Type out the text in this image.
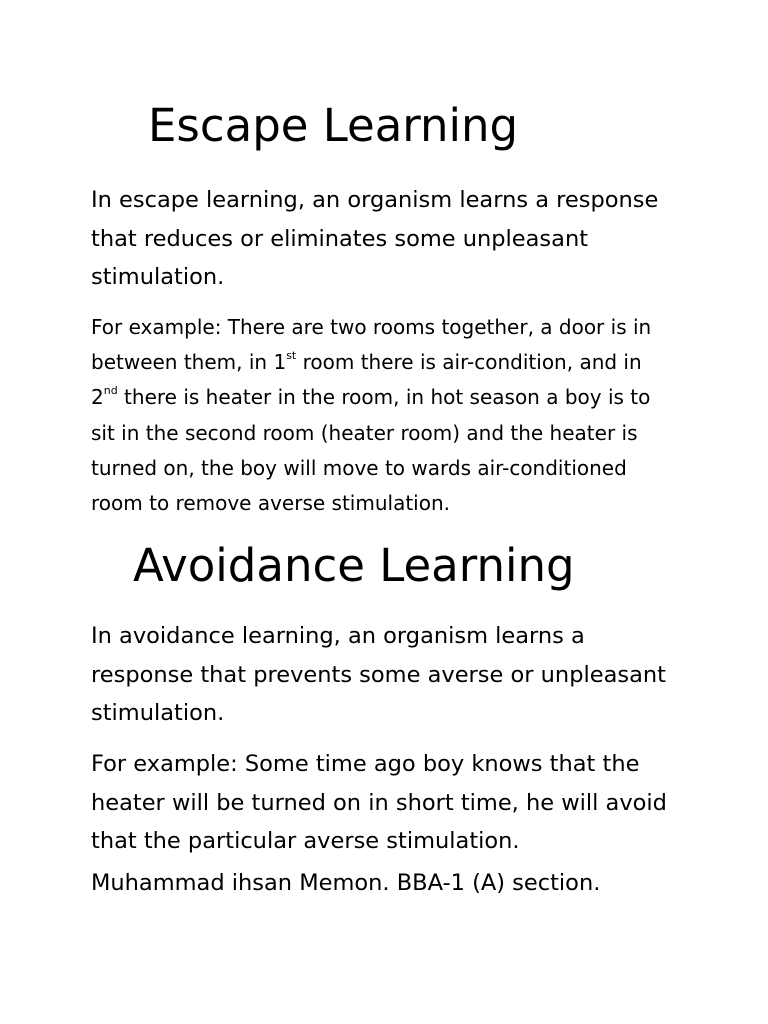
Escape Learning

In escape learning, an organism learns a response
that reduces or eliminates some unpleasant
stimulation.

For example: There are two rooms together, a door is in
between them, in 1st room there is air-condition, and in
2nd there is heater in the room, in hot season a boy is to
sit in the second room (heater room) and the heater is
turned on, the boy will move to wards air-conditioned
room to remove averse stimulation.

Avoidance Learning

In avoidance learning, an organism learns a
response that prevents some averse or unpleasant
stimulation.

For example: Some time ago boy knows that the
heater will be turned on in short time, he will avoid
that the particular averse stimulation.

Muhammad ihsan Memon. BBA-1 (A) section.
